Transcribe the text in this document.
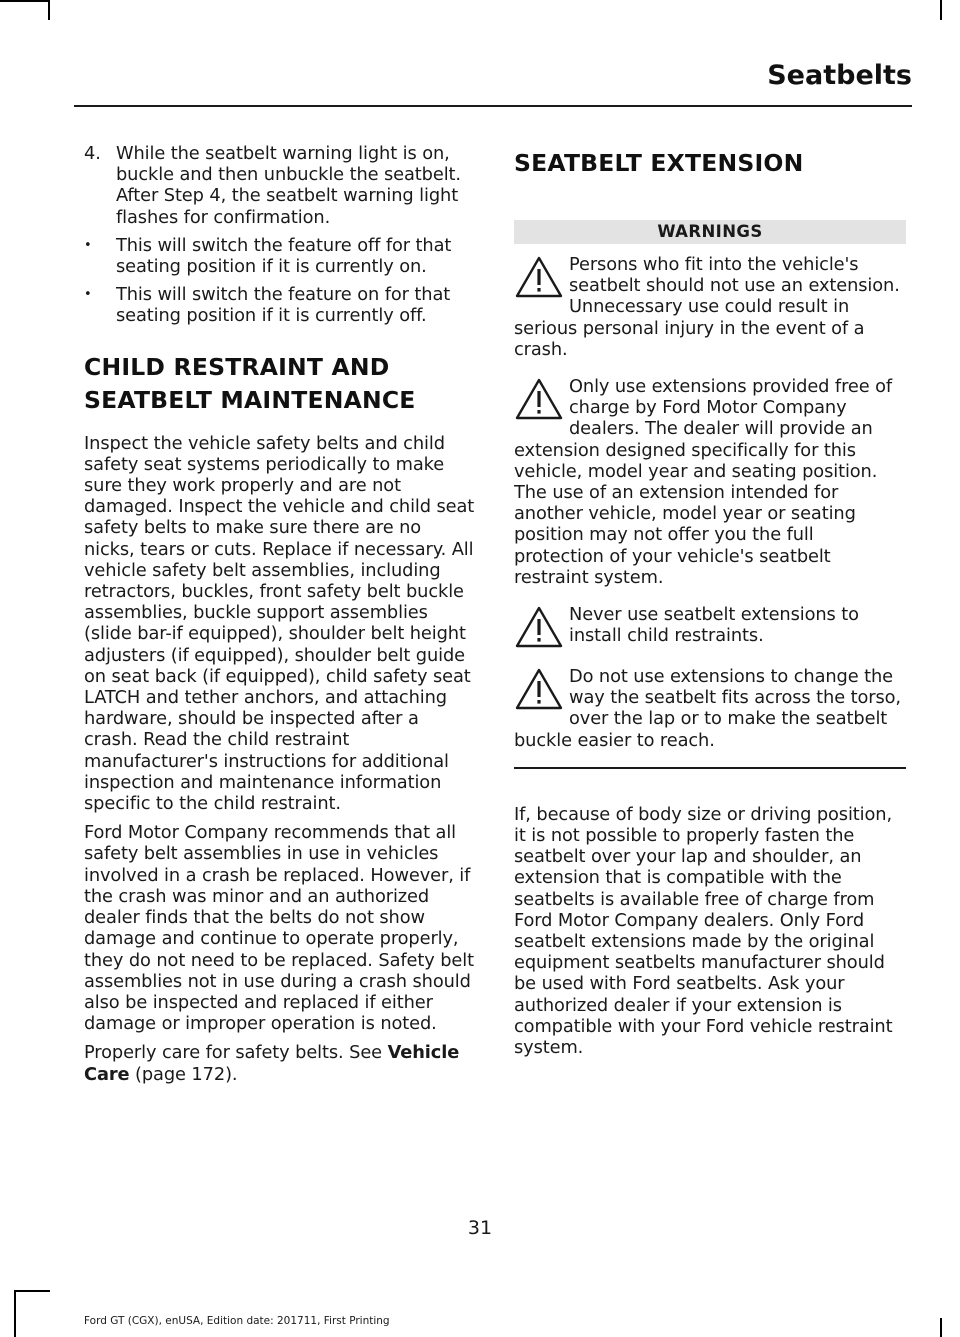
Seatbelts
4. While the seatbelt warning light is on, buckle and then unbuckle the seatbelt. After Step 4, the seatbelt warning light flashes for confirmation.
•	This will switch the feature off for that seating position if it is currently on.
•	This will switch the feature on for that seating position if it is currently off.
CHILD RESTRAINT AND SEATBELT MAINTENANCE

Inspect the vehicle safety belts and child safety seat systems periodically to make sure they work properly and are not damaged. Inspect the vehicle and child seat safety belts to make sure there are no nicks, tears or cuts. Replace if necessary. All vehicle safety belt assemblies, including retractors, buckles, front safety belt buckle assemblies, buckle support assemblies (slide bar-if equipped), shoulder belt height adjusters (if equipped), shoulder belt guide on seat back (if equipped), child safety seat LATCH and tether anchors, and attaching hardware, should be inspected after a crash. Read the child restraint manufacturer's instructions for additional inspection and maintenance information specific to the child restraint.

Ford Motor Company recommends that all safety belt assemblies in use in vehicles involved in a crash be replaced. However, if the crash was minor and an authorized dealer finds that the belts do not show damage and continue to operate properly, they do not need to be replaced. Safety belt assemblies not in use during a crash should also be inspected and replaced if either damage or improper operation is noted.

Properly care for safety belts. See Vehicle Care (page 172).

SEATBELT EXTENSION
WARNINGS
Persons who fit into the vehicle's seatbelt should not use an extension. Unnecessary use could result in serious personal injury in the event of a crash.
Only use extensions provided free of charge by Ford Motor Company dealers. The dealer will provide an extension designed specifically for this vehicle, model year and seating position. The use of an extension intended for another vehicle, model year or seating position may not offer you the full protection of your vehicle's seatbelt restraint system.
Never use seatbelt extensions to install child restraints.
Do not use extensions to change the way the seatbelt fits across the torso, over the lap or to make the seatbelt buckle easier to reach.

If, because of body size or driving position, it is not possible to properly fasten the seatbelt over your lap and shoulder, an extension that is compatible with the seatbelts is available free of charge from Ford Motor Company dealers. Only Ford seatbelt extensions made by the original equipment seatbelts manufacturer should be used with Ford seatbelts. Ask your authorized dealer if your extension is compatible with your Ford vehicle restraint system.

31
Ford GT (CGX), enUSA, Edition date: 201711, First Printing
